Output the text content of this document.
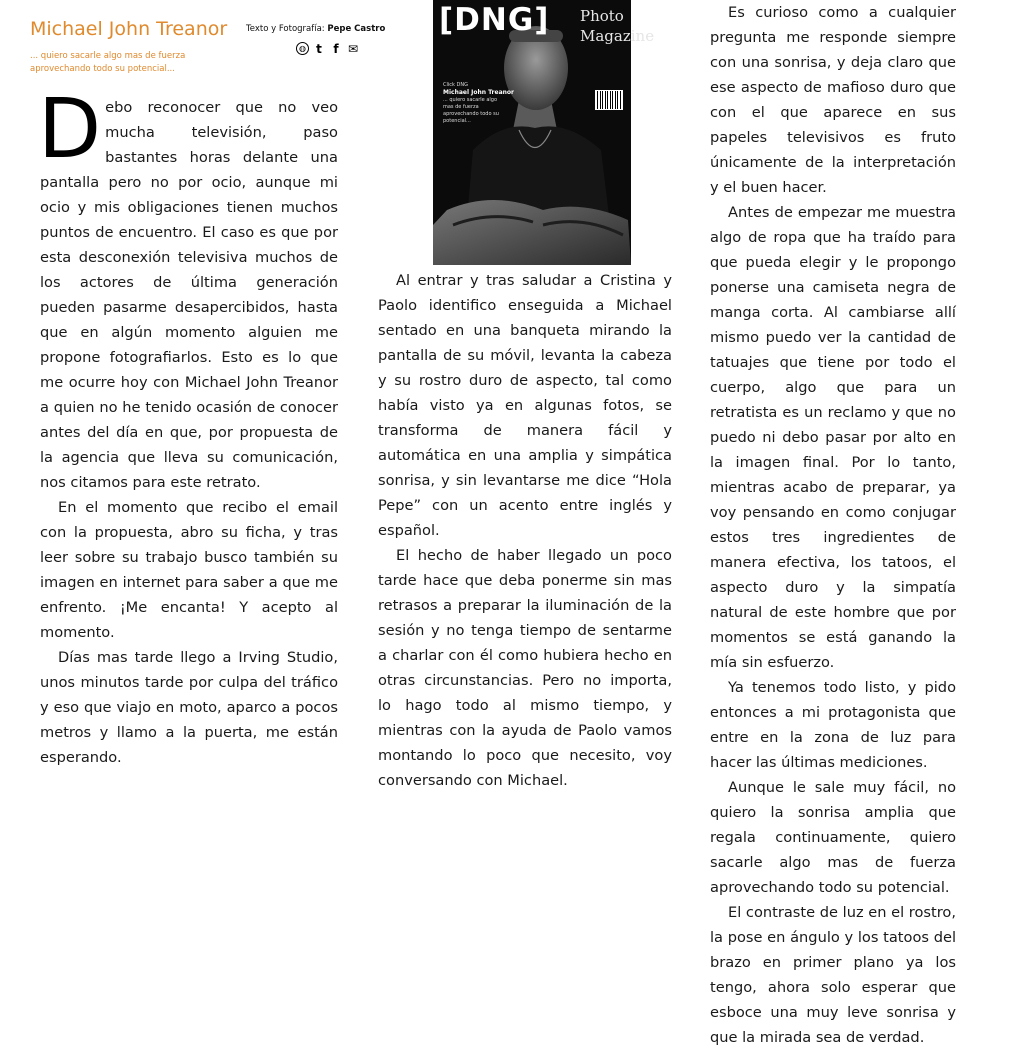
Michael John Treanor
... quiero sacarle algo mas de fuerza aprovechando todo su potencial...
Texto y Fotografía: Pepe Castro
◍ t f ✉

Debo reconocer que no veo mucha televisión, paso bastantes horas delante una pantalla pero no por ocio, aunque mi ocio y mis obligaciones tienen muchos puntos de encuentro. El caso es que por esta desconexión televisiva muchos de los actores de última generación pueden pasarme desapercibidos, hasta que en algún momento alguien me propone fotografiarlos. Esto es lo que me ocurre hoy con Michael John Treanor a quien no he tenido ocasión de conocer antes del día en que, por propuesta de la agencia que lleva su comunicación, nos citamos para este retrato.

En el momento que recibo el email con la propuesta, abro su ficha, y tras leer sobre su trabajo busco también su imagen en internet para saber a que me enfrento. ¡Me encanta! Y acepto al momento.

Días mas tarde llego a Irving Studio, unos minutos tarde por culpa del tráfico y eso que viajo en moto, aparco a pocos metros y llamo a la puerta, me están esperando.

[DNG] Photo
Magazine
Click DNG
Michael John Treanor
... quiero sacarle algo mas de fuerza aprovechando todo su potencial...

Al entrar y tras saludar a Cristina y Paolo identifico enseguida a Michael sentado en una banqueta mirando la pantalla de su móvil, levanta la cabeza y su rostro duro de aspecto, tal como había visto ya en algunas fotos, se transforma de manera fácil y automática en una amplia y simpática sonrisa, y sin levantarse me dice “Hola Pepe” con un acento entre inglés y español.

El hecho de haber llegado un poco tarde hace que deba ponerme sin mas retrasos a preparar la iluminación de la sesión y no tenga tiempo de sentarme a charlar con él como hubiera hecho en otras circunstancias. Pero no importa, lo hago todo al mismo tiempo, y mientras con la ayuda de Paolo vamos montando lo poco que necesito, voy conversando con Michael.

Es curioso como a cualquier pregunta me responde siempre con una sonrisa, y deja claro que ese aspecto de mafioso duro que con el que aparece en sus papeles televisivos es fruto únicamente de la interpretación y el buen hacer.

Antes de empezar me muestra algo de ropa que ha traído para que pueda elegir y le propongo ponerse una camiseta negra de manga corta. Al cambiarse allí mismo puedo ver la cantidad de tatuajes que tiene por todo el cuerpo, algo que para un retratista es un reclamo y que no puedo ni debo pasar por alto en la imagen final. Por lo tanto, mientras acabo de preparar, ya voy pensando en como conjugar estos tres ingredientes de manera efectiva, los tatoos, el aspecto duro y la simpatía natural de este hombre que por momentos se está ganando la mía sin esfuerzo.

Ya tenemos todo listo, y pido entonces a mi protagonista que entre en la zona de luz para hacer las últimas mediciones.

Aunque le sale muy fácil, no quiero la sonrisa amplia que regala continuamente, quiero sacarle algo mas de fuerza aprovechando todo su potencial.

El contraste de luz en el rostro, la pose en ángulo y los tatoos del brazo en primer plano ya los tengo, ahora solo esperar que esboce una muy leve sonrisa y que la mirada sea de verdad.
